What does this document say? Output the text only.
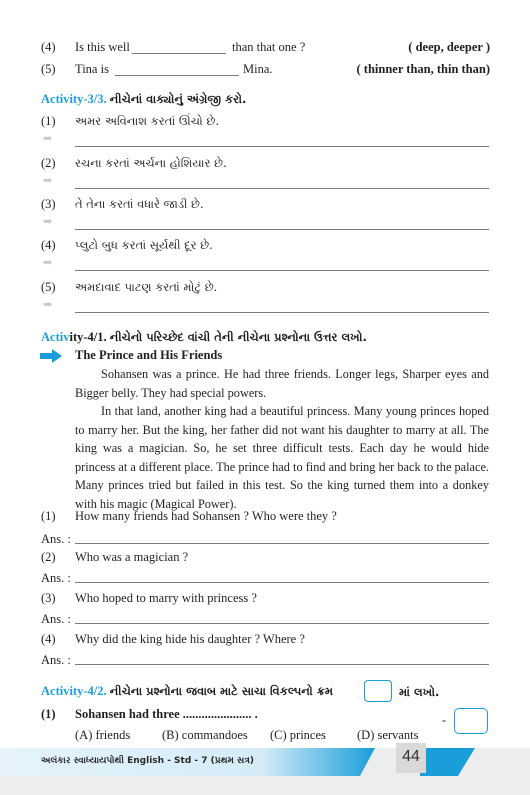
(4) Is this well	than that one ?	( deep, deeper )
(5) Tina is	Mina.	( thinner than, thin than)
Activity-3/3. નીચેનાં વાક્યોનું અંગ્રેજી કરો.
(1) અમર અવિનાશ કરતાં ઊંચો છે.
➡
(2) રચના કરતાં અર્ચના હોશિયાર છે.
➡
(3) તે તેના કરતાં વધારે જાડી છે.
➡
(4) પ્લુટો બુધ કરતાં સૂર્યથી દૂર છે.
➡
(5) અમદાવાદ પાટણ કરતાં મોટું છે.
➡
Activity-4/1. નીચેનો પરિચ્છેદ વાંચી તેની નીચેના પ્રશ્નોના ઉત્તર લખો.
The Prince and His Friends

Sohansen was a prince. He had three friends. Longer legs, Sharper eyes and Bigger belly. They had special powers.

In that land, another king had a beautiful princess. Many young princes hoped to marry her. But the king, her father did not want his daughter to marry at all. The king was a magician. So, he set three difficult tests. Each day he would hide princess at a different place. The prince had to find and bring her back to the palace. Many princes tried but failed in this test. So the king turned them into a donkey with his magic (Magical Power).

(1) How many friends had Sohansen ? Who were they ?
Ans. :
(2) Who was a magician ?
Ans. :
(3) Who hoped to marry with princess ?
Ans. :
(4) Why did the king hide his daughter ? Where ?
Ans. :
Activity-4/2. નીચેના પ્રશ્નોના જવાબ માટે સાચા વિકલ્પનો ક્રમ	માં લખો.
(1) Sohansen had three ...................... .	-
(A) friends	(B) commandoes (C) princes (D) servants
અલંકાર સ્વાધ્યાયપોથી English - Std - 7 (પ્રથમ સત્ર)	44
